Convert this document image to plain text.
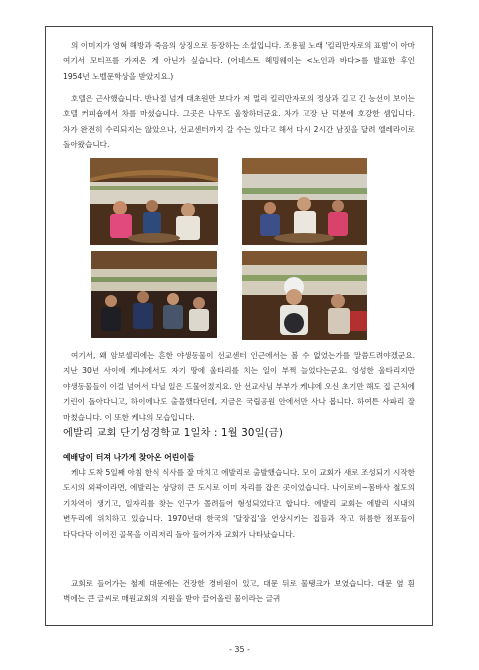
의 이미지가 영혁 해방과 죽음의 상징으로 등장하는 소설입니다. 조용필 노래 '킬리만자로의 표범'이 아마 여기서 모티프를 가져온 게 아닌가 싶습니다. (어네스트 헤밍웨이는 <노인과 바다>를 발표한 후인 1954년 노벨문학상을 받았지요.)

호텔은 근사했습니다. 반나절 넘게 대초원만 보다가 저 멀리 킬리만자로의 정상과 길고 긴 능선이 보이는 호텔 커피숍에서 차를 마셨습니다. 그곳은 나무도 울창하더군요. 차가 고장 난 덕분에 호강한 셈입니다. 차가 완전히 수리되지는 않았으나, 선교센터까지 갈 수는 있다고 해서 다시 2시간 남짓을 달려 엘레라이로 돌아왔습니다.

여기서, 왜 암보셀리에는 흔한 야생동물이 선교센터 인근에서는 볼 수 없었는가를 말씀드려야겠군요. 지난 30년 사이에 케냐에서도 자기 땅에 울타리를 치는 일이 부쩍 늘었다는군요. 엉성한 울타리지만 야생동물들이 이걸 넘어서 다닐 일은 드물어졌지요. 안 선교사님 부부가 케냐에 오신 초기만 해도 집 근처에 기린이 돌아다니고, 하이에나도 출몰했다던데, 지금은 국립공원 안에서만 사나 봅니다. 하여튼 사파리 잘 마쳤습니다. 이 또한 케냐의 모습입니다.

에발리 교회 단기성경학교 1일차 : 1월 30일(금)
예배당이 터져 나가게 찾아온 어린이들

케냐 도착 5일째 아침 한식 식사를 잘 마치고 에발리로 출발했습니다. 모이 교회가 새로 조성되기 시작한 도시의 외곽이라면, 에발리는 상당히 큰 도시로 이미 자리를 잡은 곳이었습니다. 나이로비~몸바사 철도의 기차역이 생기고, 일자리를 찾는 인구가 몰려들어 형성되었다고 합니다. 에발리 교회는 에발리 시내의 변두리에 위치하고 있습니다. 1970년대 한국의 '달장집'을 연상시키는 집들과 작고 허름한 점포들이 다닥다닥 이어진 골목을 이리저리 돌아 들어가자 교회가 나타났습니다.

교회로 들어가는 철제 대문에는 건장한 경비원이 있고, 대문 뒤로 물탱크가 보였습니다. 대문 옆 흰 벽에는 큰 글씨로 매원교회의 지원을 받아 끌어올린 물이라는 글귀

- 35 -
